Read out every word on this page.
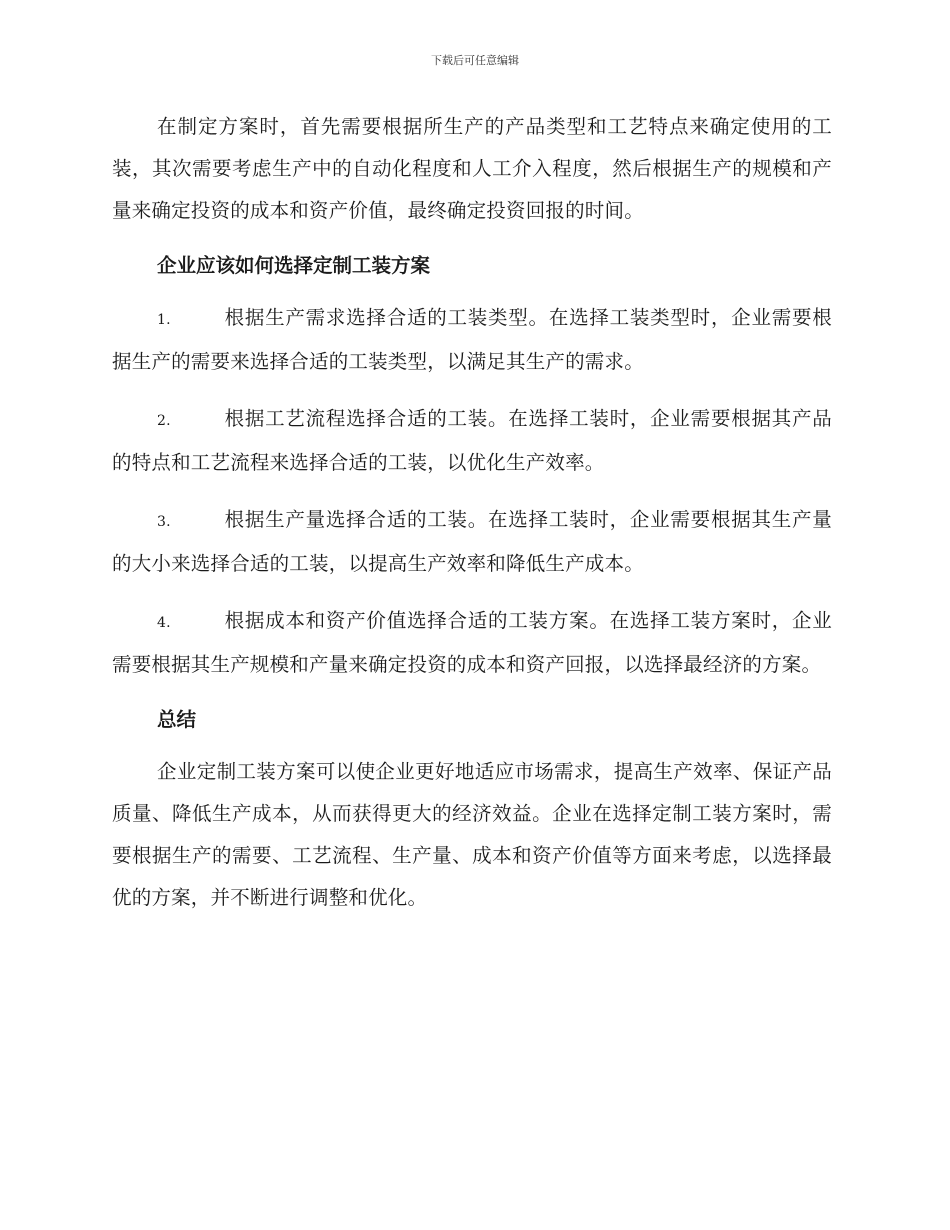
下载后可任意编辑

在制定方案时，首先需要根据所生产的产品类型和工艺特点来确定使用的工装，其次需要考虑生产中的自动化程度和人工介入程度，然后根据生产的规模和产量来确定投资的成本和资产价值，最终确定投资回报的时间。

企业应该如何选择定制工装方案
1.	根据生产需求选择合适的工装类型。在选择工装类型时，企业需要根据生产的需要来选择合适的工装类型，以满足其生产的需求。
2.	根据工艺流程选择合适的工装。在选择工装时，企业需要根据其产品的特点和工艺流程来选择合适的工装，以优化生产效率。
3.	根据生产量选择合适的工装。在选择工装时，企业需要根据其生产量的大小来选择合适的工装，以提高生产效率和降低生产成本。
4.	根据成本和资产价值选择合适的工装方案。在选择工装方案时，企业需要根据其生产规模和产量来确定投资的成本和资产回报，以选择最经济的方案。
总结

企业定制工装方案可以使企业更好地适应市场需求，提高生产效率、保证产品质量、降低生产成本，从而获得更大的经济效益。企业在选择定制工装方案时，需要根据生产的需要、工艺流程、生产量、成本和资产价值等方面来考虑，以选择最优的方案，并不断进行调整和优化。
